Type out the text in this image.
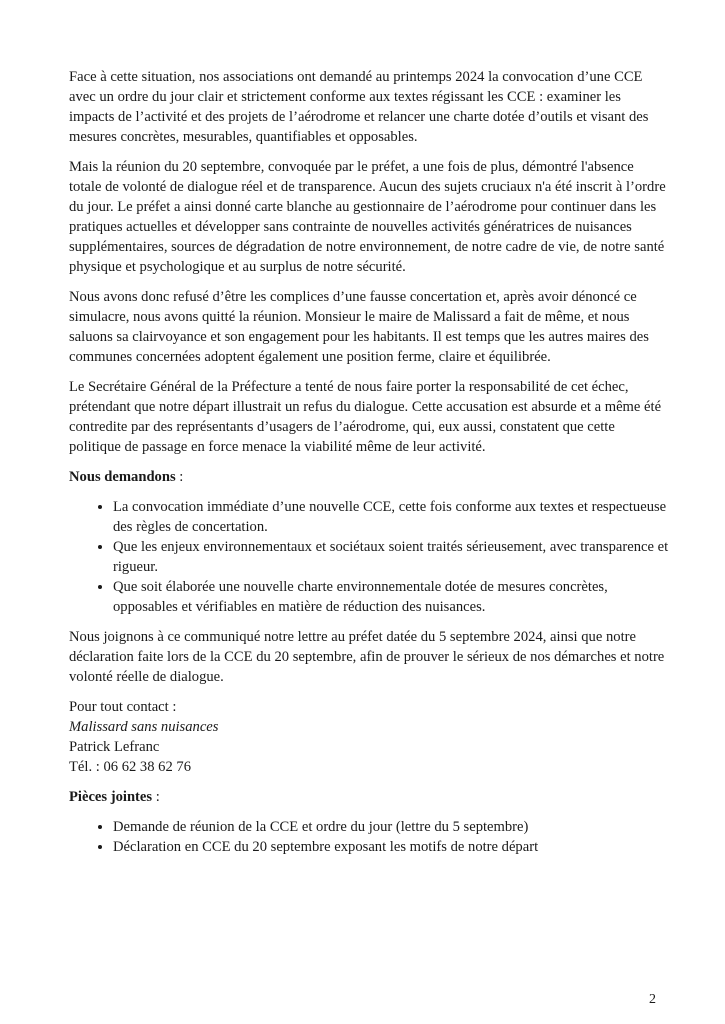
Face à cette situation, nos associations ont demandé au printemps 2024 la convocation d’une CCE avec un ordre du jour clair et strictement conforme aux textes régissant les CCE : examiner les impacts de l’activité et des projets de l’aérodrome et relancer une charte dotée d’outils et visant des mesures concrètes, mesurables, quantifiables et opposables.

Mais la réunion du 20 septembre, convoquée par le préfet, a une fois de plus, démontré l'absence totale de volonté de dialogue réel et de transparence. Aucun des sujets cruciaux n'a été inscrit à l’ordre du jour. Le préfet a ainsi donné carte blanche au gestionnaire de l’aérodrome pour continuer dans les pratiques actuelles et développer sans contrainte de nouvelles activités génératrices de nuisances supplémentaires, sources de dégradation de notre environnement, de notre cadre de vie, de notre santé physique et psychologique et au surplus de notre sécurité.

Nous avons donc refusé d’être les complices d’une fausse concertation et, après avoir dénoncé ce simulacre, nous avons quitté la réunion. Monsieur le maire de Malissard a fait de même, et nous saluons sa clairvoyance et son engagement pour les habitants. Il est temps que les autres maires des communes concernées adoptent également une position ferme, claire et équilibrée.

Le Secrétaire Général de la Préfecture a tenté de nous faire porter la responsabilité de cet échec, prétendant que notre départ illustrait un refus du dialogue. Cette accusation est absurde et a même été contredite par des représentants d’usagers de l’aérodrome, qui, eux aussi, constatent que cette politique de passage en force menace la viabilité même de leur activité.

Nous demandons :

• La convocation immédiate d’une nouvelle CCE, cette fois conforme aux textes et respectueuse des règles de concertation.
• Que les enjeux environnementaux et sociétaux soient traités sérieusement, avec transparence et rigueur.
• Que soit élaborée une nouvelle charte environnementale dotée de mesures concrètes, opposables et vérifiables en matière de réduction des nuisances.

Nous joignons à ce communiqué notre lettre au préfet datée du 5 septembre 2024, ainsi que notre déclaration faite lors de la CCE du 20 septembre, afin de prouver le sérieux de nos démarches et notre volonté réelle de dialogue.

Pour tout contact :

Malissard sans nuisances

Patrick Lefranc

Tél. : 06 62 38 62 76

Pièces jointes :

• Demande de réunion de la CCE et ordre du jour (lettre du 5 septembre)
• Déclaration en CCE du 20 septembre exposant les motifs de notre départ
2
